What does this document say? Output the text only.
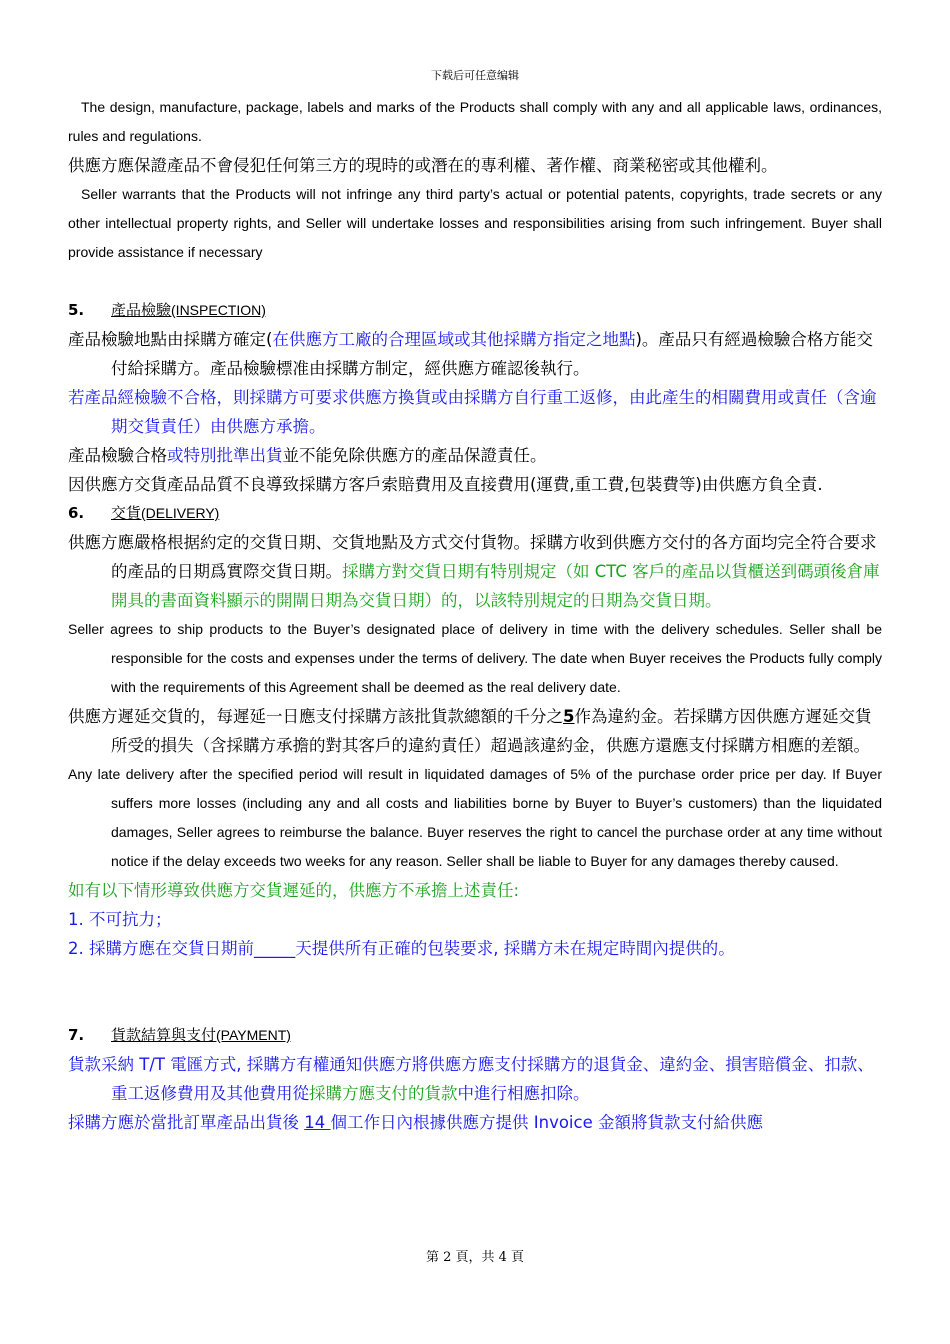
下载后可任意编辑
The design, manufacture, package, labels and marks of the Products shall comply with any and all applicable laws, ordinances, rules and regulations.
供應方應保證產品不會侵犯任何第三方的現時的或潛在的專利權、著作權、商業秘密或其他權利。
Seller warrants that the Products will not infringe any third party’s actual or potential patents, copyrights, trade secrets or any other intellectual property rights, and Seller will undertake losses and responsibilities arising from such infringement. Buyer shall provide assistance if necessary
5. 產品檢驗(INSPECTION)
產品檢驗地點由採購方確定(在供應方工廠的合理區域或其他採購方指定之地點)。產品只有經過檢驗合格方能交付給採購方。產品檢驗標准由採購方制定，經供應方確認後執行。
若產品經檢驗不合格，則採購方可要求供應方換貨或由採購方自行重工返修，由此產生的相關費用或責任（含逾期交貨責任）由供應方承擔。
產品檢驗合格或特別批準出貨並不能免除供應方的產品保證責任。
因供應方交貨產品品質不良導致採購方客戶索賠費用及直接費用(運費,重工費,包裝費等)由供應方負全責.
6. 交貨(DELIVERY)
供應方應嚴格根据約定的交貨日期、交貨地點及方式交付貨物。採購方收到供應方交付的各方面均完全符合要求的產品的日期爲實際交貨日期。採購方對交貨日期有特別規定（如 CTC 客戶的產品以貨櫃送到碼頭後倉庫開具的書面資料顯示的開閘日期為交貨日期）的，以該特別規定的日期為交貨日期。
Seller agrees to ship products to the Buyer’s designated place of delivery in time with the delivery schedules. Seller shall be responsible for the costs and expenses under the terms of delivery. The date when Buyer receives the Products fully comply with the requirements of this Agreement shall be deemed as the real delivery date.
供應方遲延交貨的，每遲延一日應支付採購方該批貨款總額的千分之5作為違約金。若採購方因供應方遲延交貨所受的損失（含採購方承擔的對其客戶的違約責任）超過該違約金，供應方還應支付採購方相應的差額。
Any late delivery after the specified period will result in liquidated damages of 5% of the purchase order price per day. If Buyer suffers more losses (including any and all costs and liabilities borne by Buyer to Buyer’s customers) than the liquidated damages, Seller agrees to reimburse the balance. Buyer reserves the right to cancel the purchase order at any time without notice if the delay exceeds two weeks for any reason. Seller shall be liable to Buyer for any damages thereby caused.
如有以下情形導致供應方交貨遲延的，供應方不承擔上述責任:
1. 不可抗力；
2. 採購方應在交貨日期前_____天提供所有正確的包裝要求, 採購方未在規定時間內提供的。
7. 貨款結算與支付(PAYMENT)
貨款采納 T/T 電匯方式, 採購方有權通知供應方將供應方應支付採購方的退貨金、違約金、損害賠償金、扣款、重工返修費用及其他費用從採購方應支付的貨款中進行相應扣除。
採購方應於當批訂單產品出貨後 14 個工作日內根據供應方提供 Invoice 金額將貨款支付給供應
第 2 頁，共 4 頁
